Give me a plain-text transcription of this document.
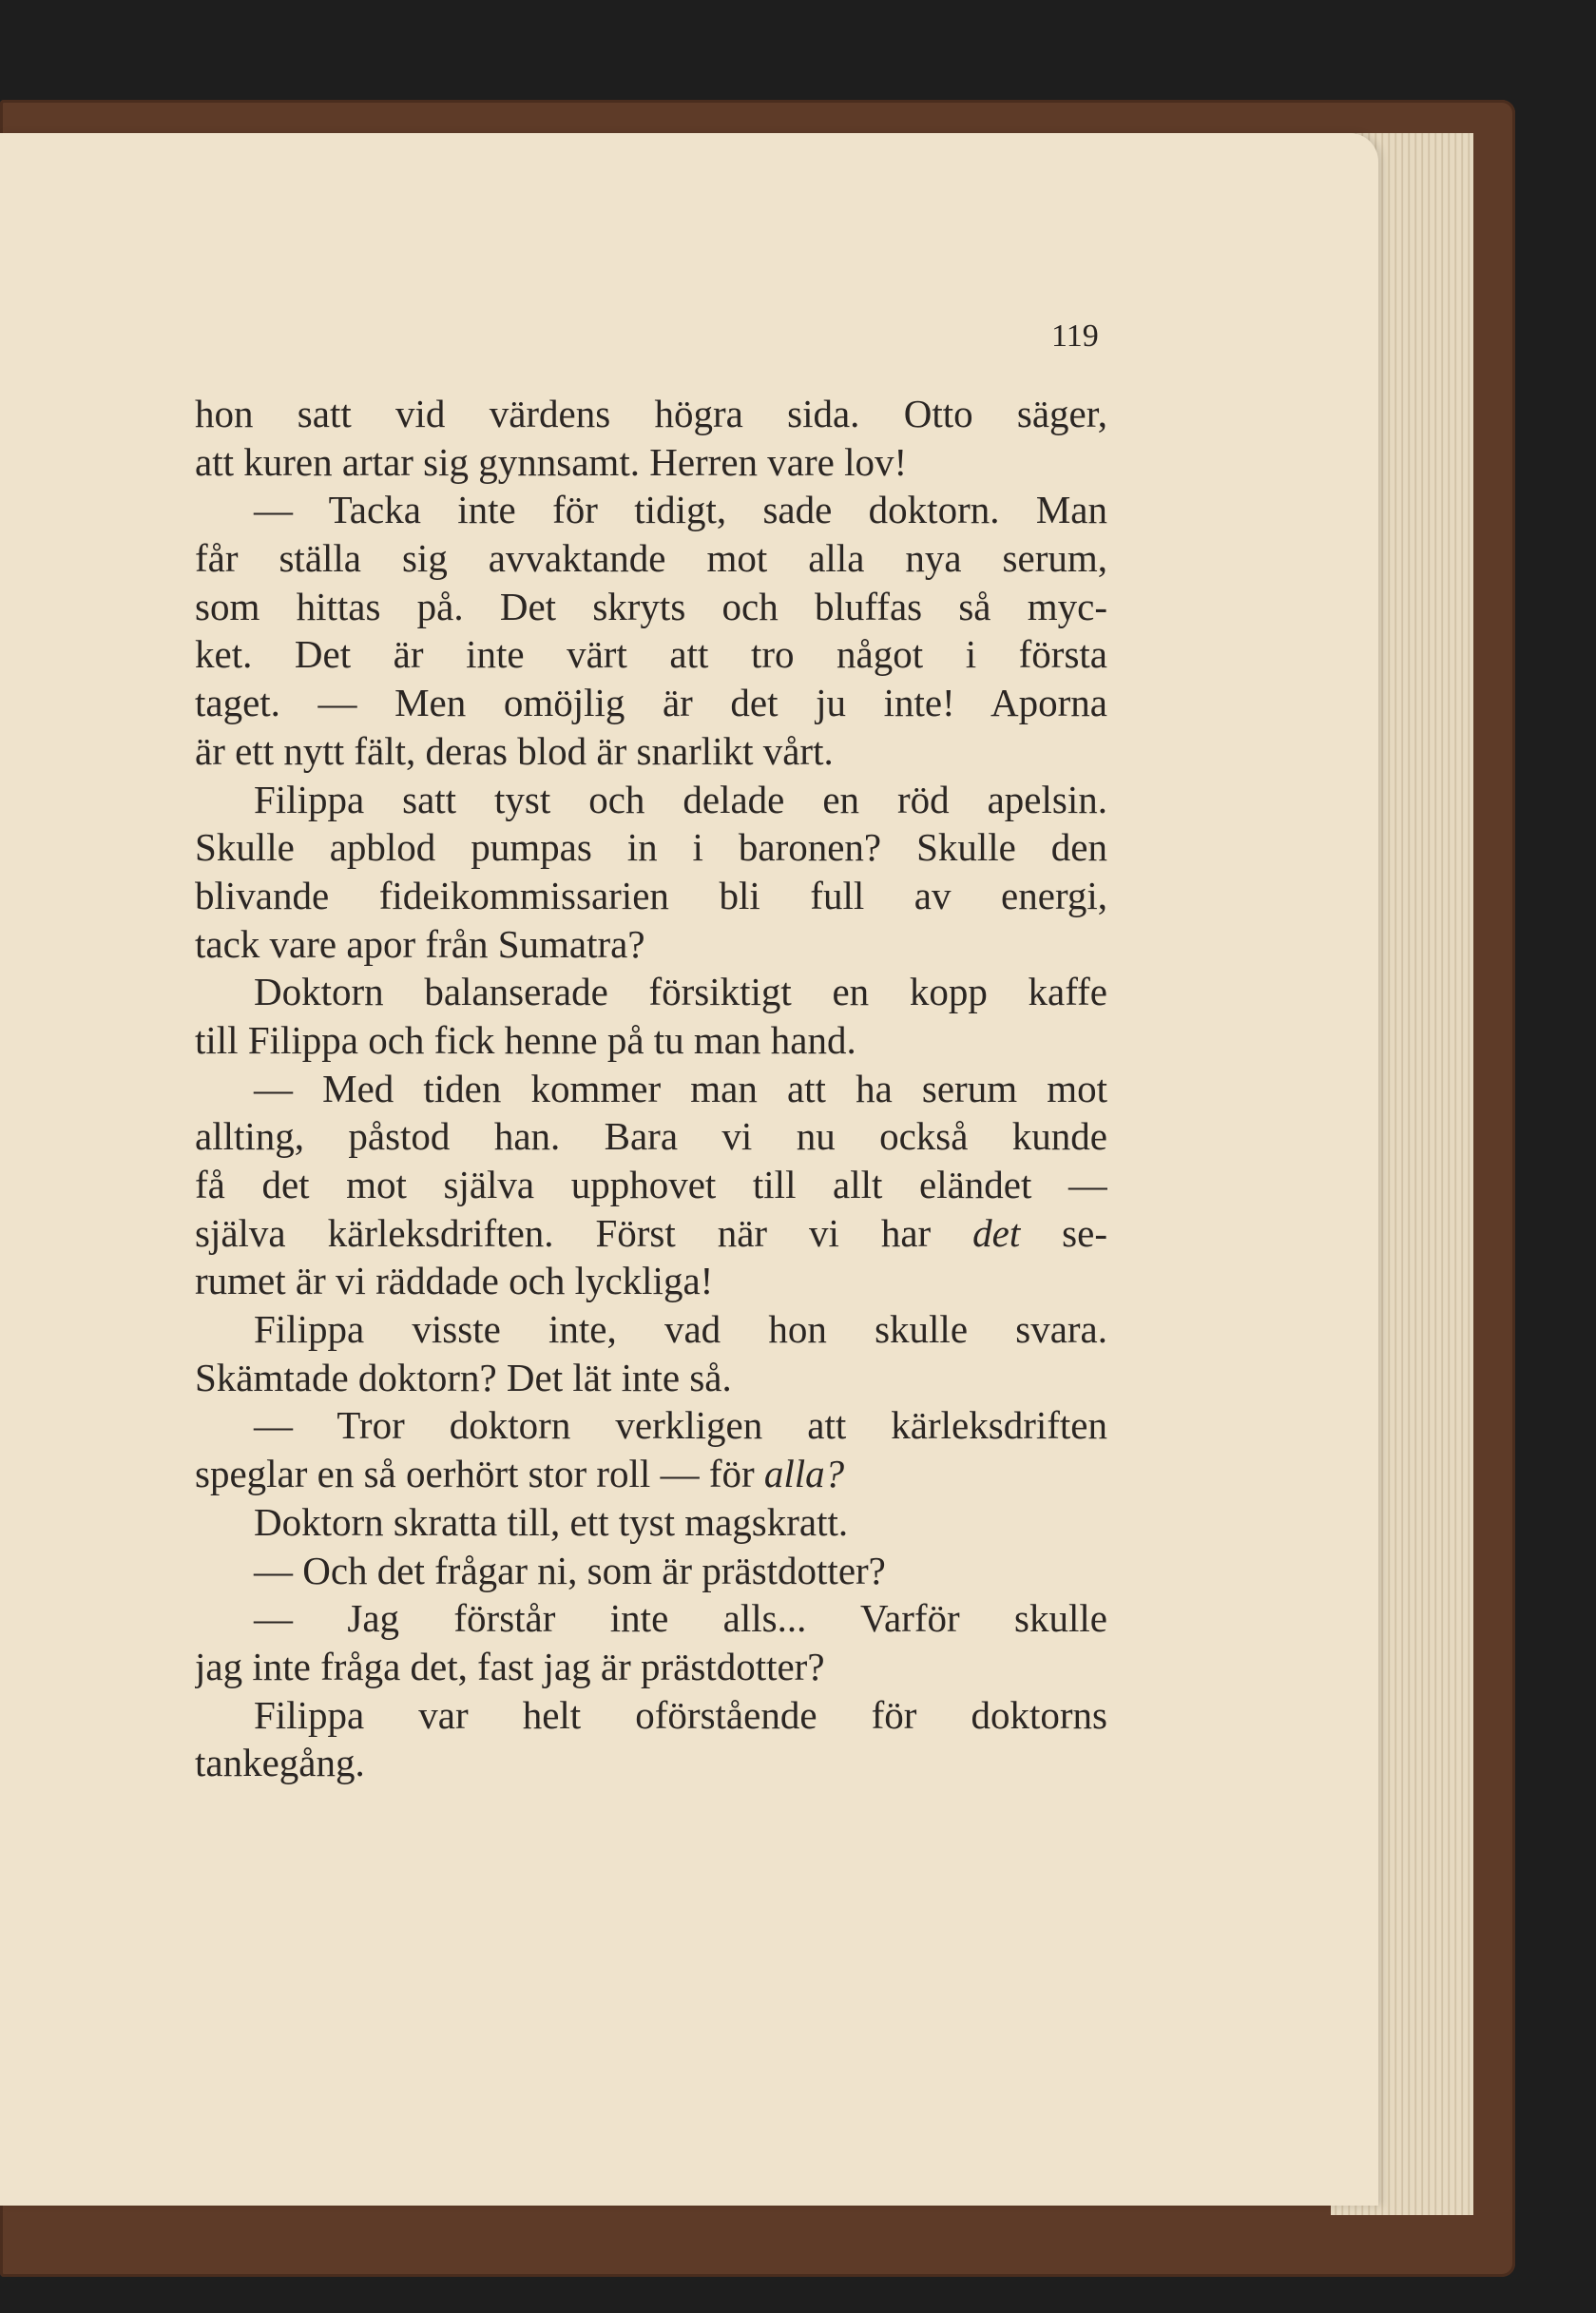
119
hon satt vid värdens högra sida. Otto säger,
att kuren artar sig gynnsamt. Herren vare lov!
— Tacka inte för tidigt, sade doktorn. Man
får ställa sig avvaktande mot alla nya serum,
som hittas på. Det skryts och bluffas så myc-
ket. Det är inte värt att tro något i första
taget. — Men omöjlig är det ju inte! Aporna
är ett nytt fält, deras blod är snarlikt vårt.
Filippa satt tyst och delade en röd apelsin.
Skulle apblod pumpas in i baronen? Skulle den
blivande fideikommissarien bli full av energi,
tack vare apor från Sumatra?
Doktorn balanserade försiktigt en kopp kaffe
till Filippa och fick henne på tu man hand.
— Med tiden kommer man att ha serum mot
allting, påstod han. Bara vi nu också kunde
få det mot själva upphovet till allt eländet —
själva kärleksdriften. Först när vi har det se-
rumet är vi räddade och lyckliga!
Filippa visste inte, vad hon skulle svara.
Skämtade doktorn? Det lät inte så.
— Tror doktorn verkligen att kärleksdriften
speglar en så oerhört stor roll — för alla?
Doktorn skratta till, ett tyst magskratt.
— Och det frågar ni, som är prästdotter?
— Jag förstår inte alls... Varför skulle
jag inte fråga det, fast jag är prästdotter?
Filippa var helt oförstående för doktorns
tankegång.
